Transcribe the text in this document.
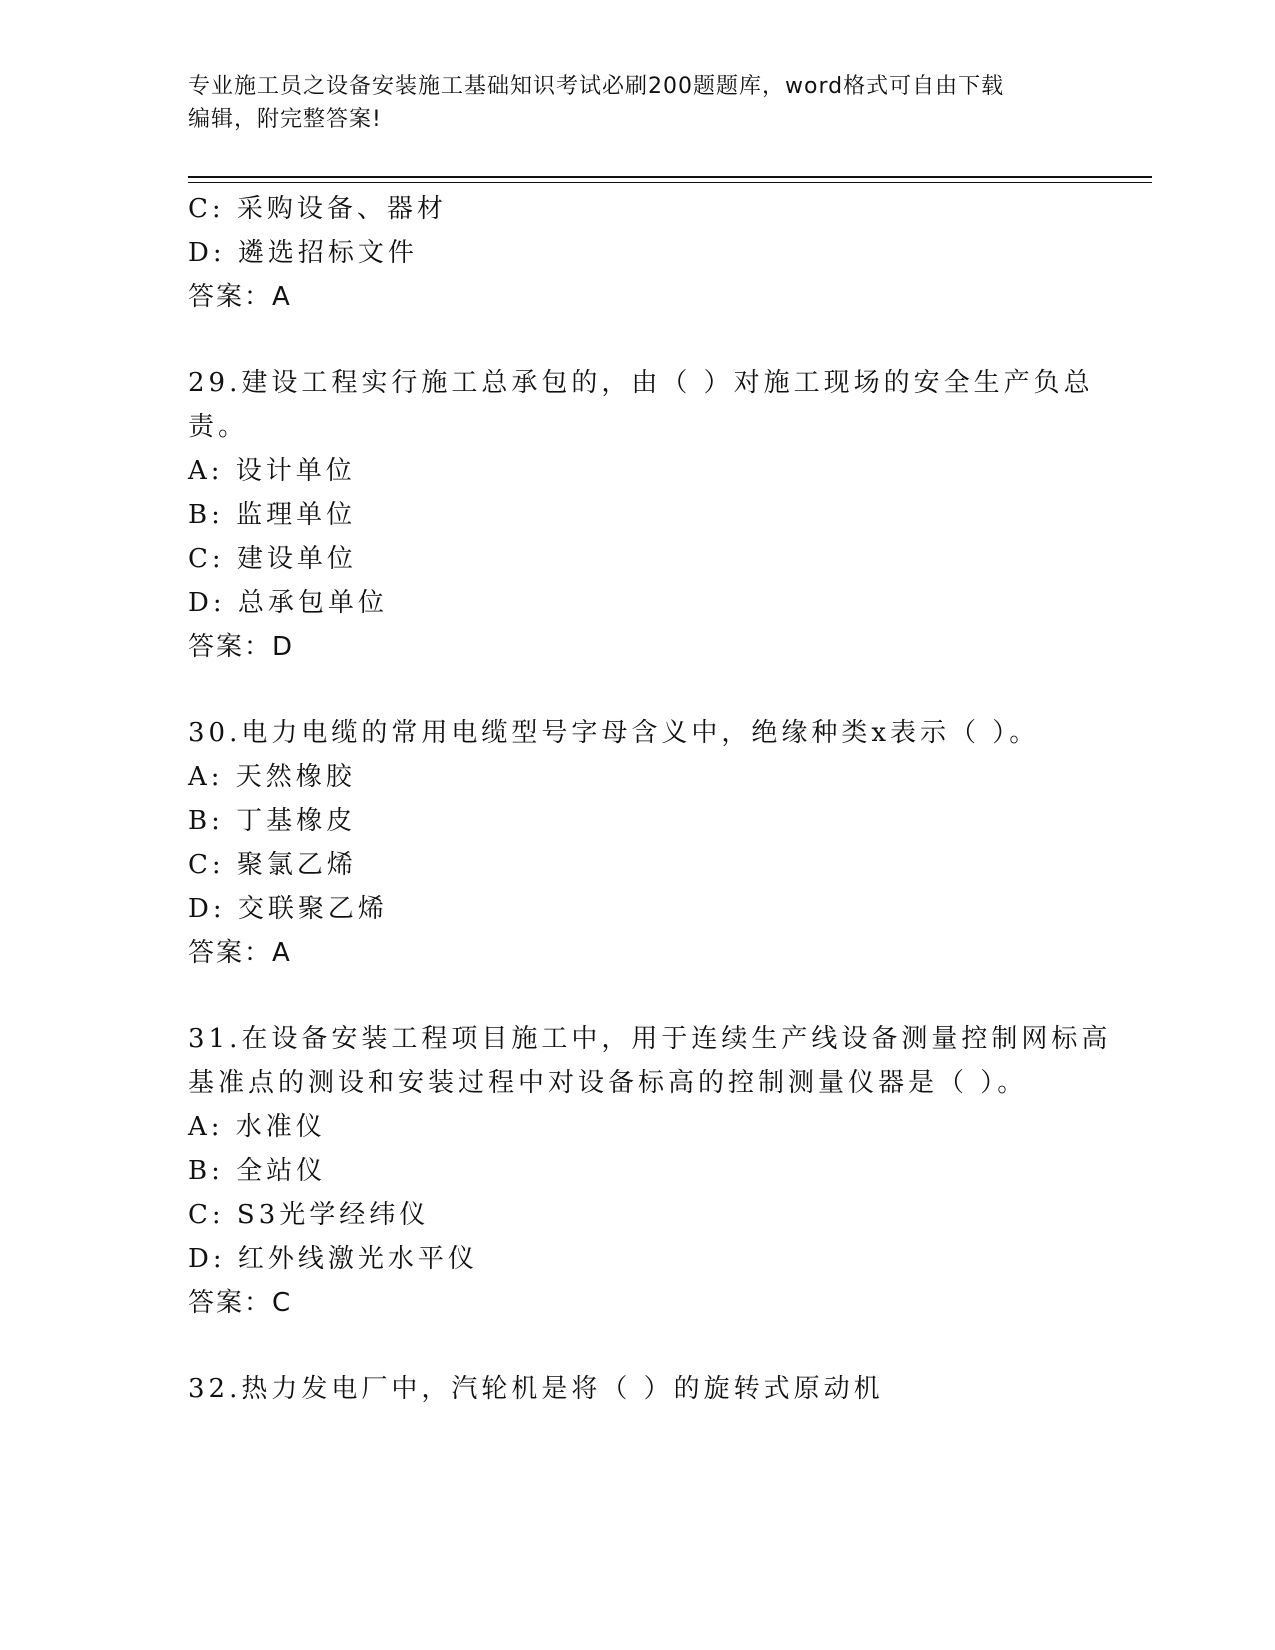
专业施工员之设备安装施工基础知识考试必刷200题题库，word格式可自由下载
编辑，附完整答案!
C: 采购设备、器材
D: 遴选招标文件
答案：A
29.建设工程实行施工总承包的，由（ ）对施工现场的安全生产负总
责。
A: 设计单位
B: 监理单位
C: 建设单位
D: 总承包单位
答案：D
30.电力电缆的常用电缆型号字母含义中，绝缘种类x表示（ ）。
A: 天然橡胶
B: 丁基橡皮
C: 聚氯乙烯
D: 交联聚乙烯
答案：A
31.在设备安装工程项目施工中，用于连续生产线设备测量控制网标高
基准点的测设和安装过程中对设备标高的控制测量仪器是（ ）。
A: 水准仪
B: 全站仪
C: S3光学经纬仪
D: 红外线激光水平仪
答案：C
32.热力发电厂中，汽轮机是将（ ）的旋转式原动机
